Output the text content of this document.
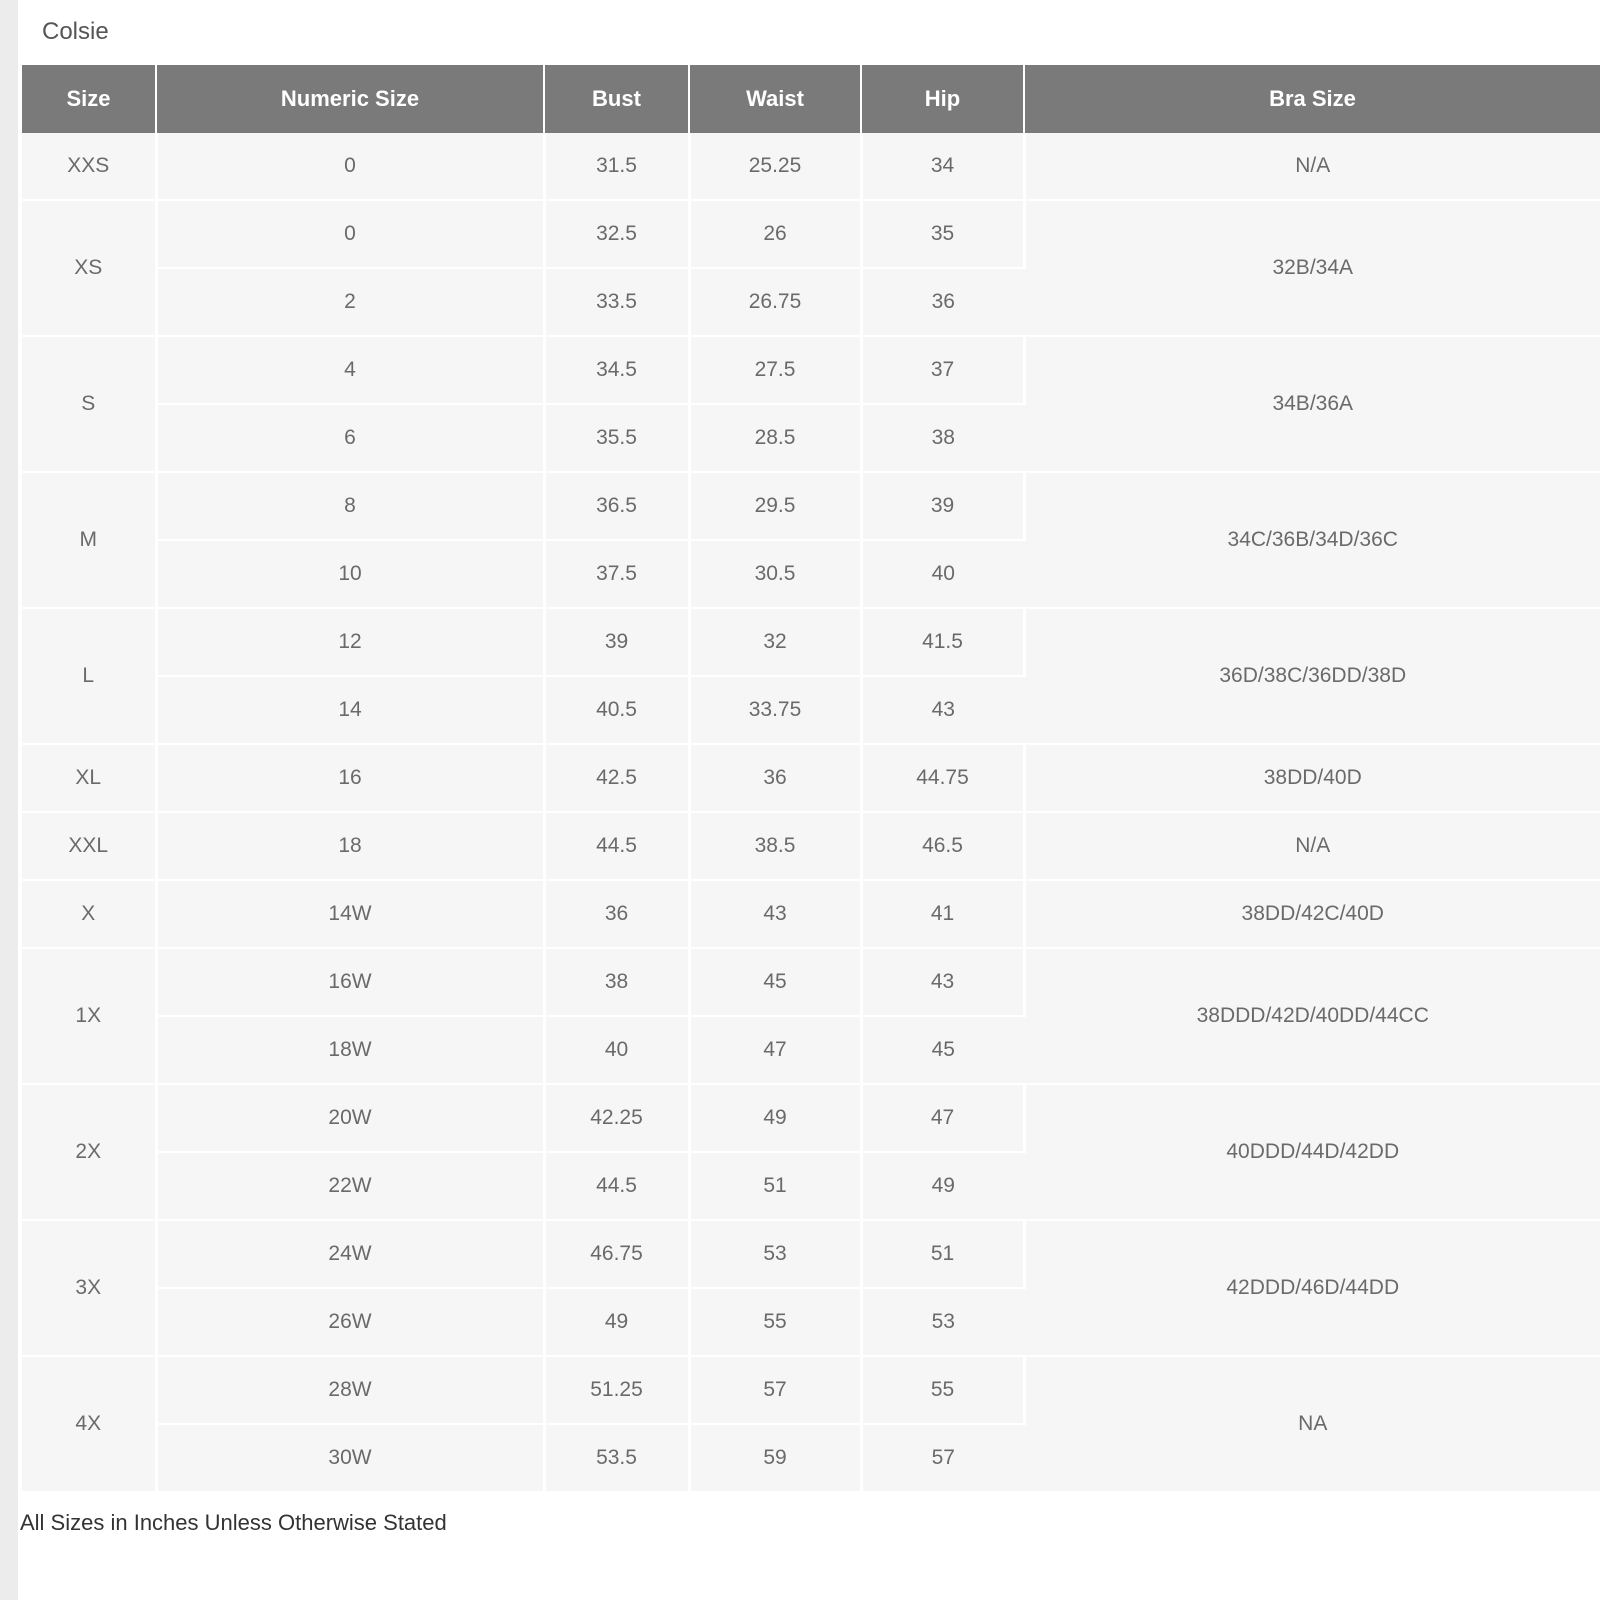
Colsie
Size	Numeric Size	Bust	Waist	Hip	Bra Size
XXS	0	31.5	25.25	34	N/A
XS	0	32.5	26	35	32B/34A
	2	33.5	26.75	36	
S	4	34.5	27.5	37	34B/36A
	6	35.5	28.5	38	
M	8	36.5	29.5	39	34C/36B/34D/36C
	10	37.5	30.5	40	
L	12	39	32	41.5	36D/38C/36DD/38D
	14	40.5	33.75	43	
XL	16	42.5	36	44.75	38DD/40D
XXL	18	44.5	38.5	46.5	N/A
X	14W	36	43	41	38DD/42C/40D
1X	16W	38	45	43	38DDD/42D/40DD/44CC
	18W	40	47	45	
2X	20W	42.25	49	47	40DDD/44D/42DD
	22W	44.5	51	49	
3X	24W	46.75	53	51	42DDD/46D/44DD
	26W	49	55	53	
4X	28W	51.25	57	55	NA
	30W	53.5	59	57	
All Sizes in Inches Unless Otherwise Stated
